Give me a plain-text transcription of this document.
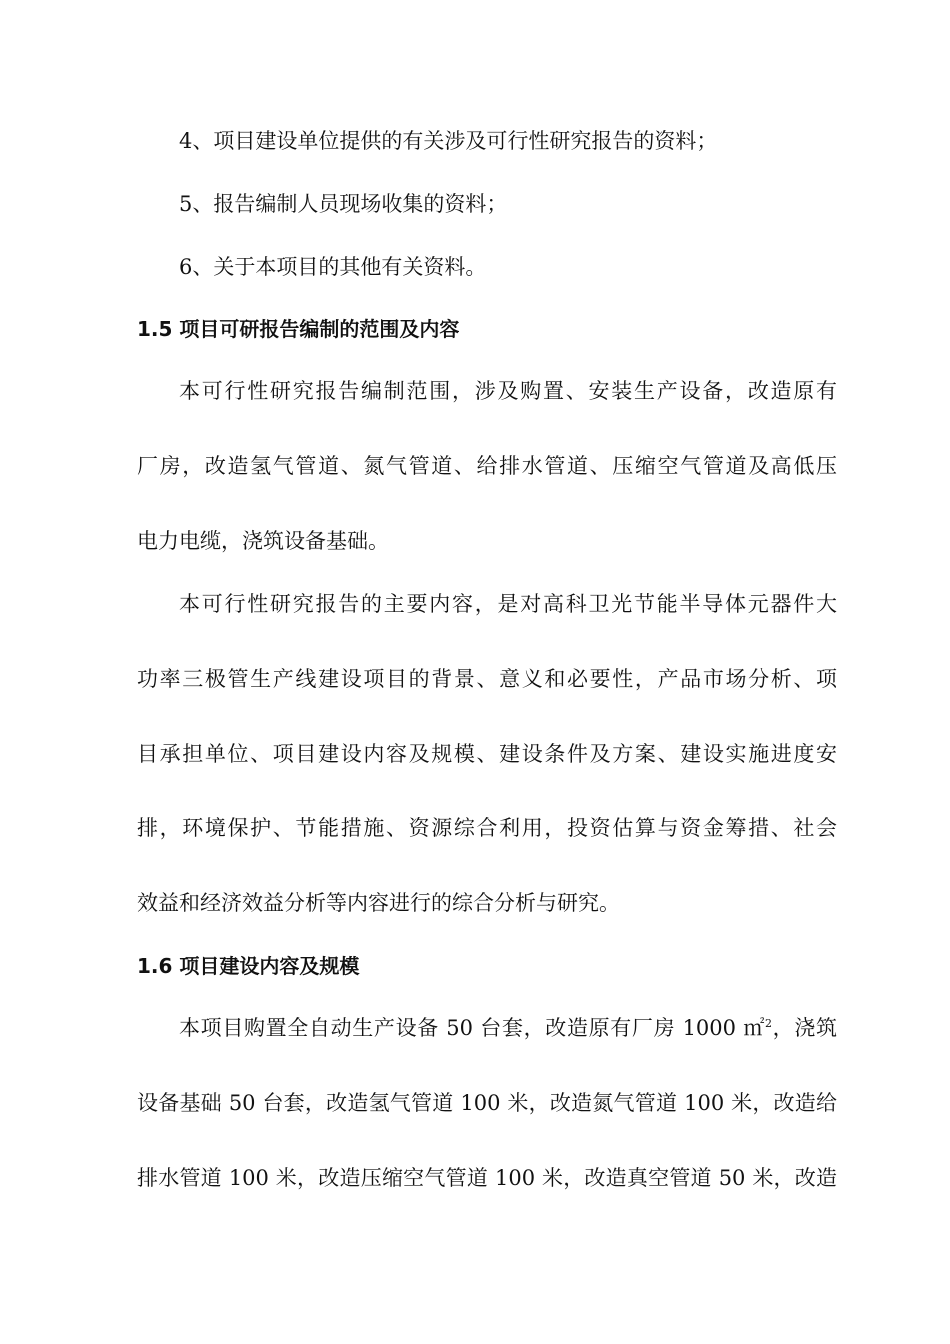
4、项目建设单位提供的有关涉及可行性研究报告的资料；
5、报告编制人员现场收集的资料；
6、关于本项目的其他有关资料。
1.5 项目可研报告编制的范围及内容
本可行性研究报告编制范围，涉及购置、安装生产设备，改造原有
厂房，改造氢气管道、氮气管道、给排水管道、压缩空气管道及高低压
电力电缆，浇筑设备基础。
本可行性研究报告的主要内容，是对高科卫光节能半导体元器件大
功率三极管生产线建设项目的背景、意义和必要性，产品市场分析、项
目承担单位、项目建设内容及规模、建设条件及方案、建设实施进度安
排，环境保护、节能措施、资源综合利用，投资估算与资金筹措、社会
效益和经济效益分析等内容进行的综合分析与研究。
1.6 项目建设内容及规模
本项目购置全自动生产设备 50 台套，改造原有厂房 1000 ㎡$^2$，浇筑
设备基础 50 台套，改造氢气管道 100 米，改造氮气管道 100 米，改造给
排水管道 100 米，改造压缩空气管道 100 米，改造真空管道 50 米，改造
